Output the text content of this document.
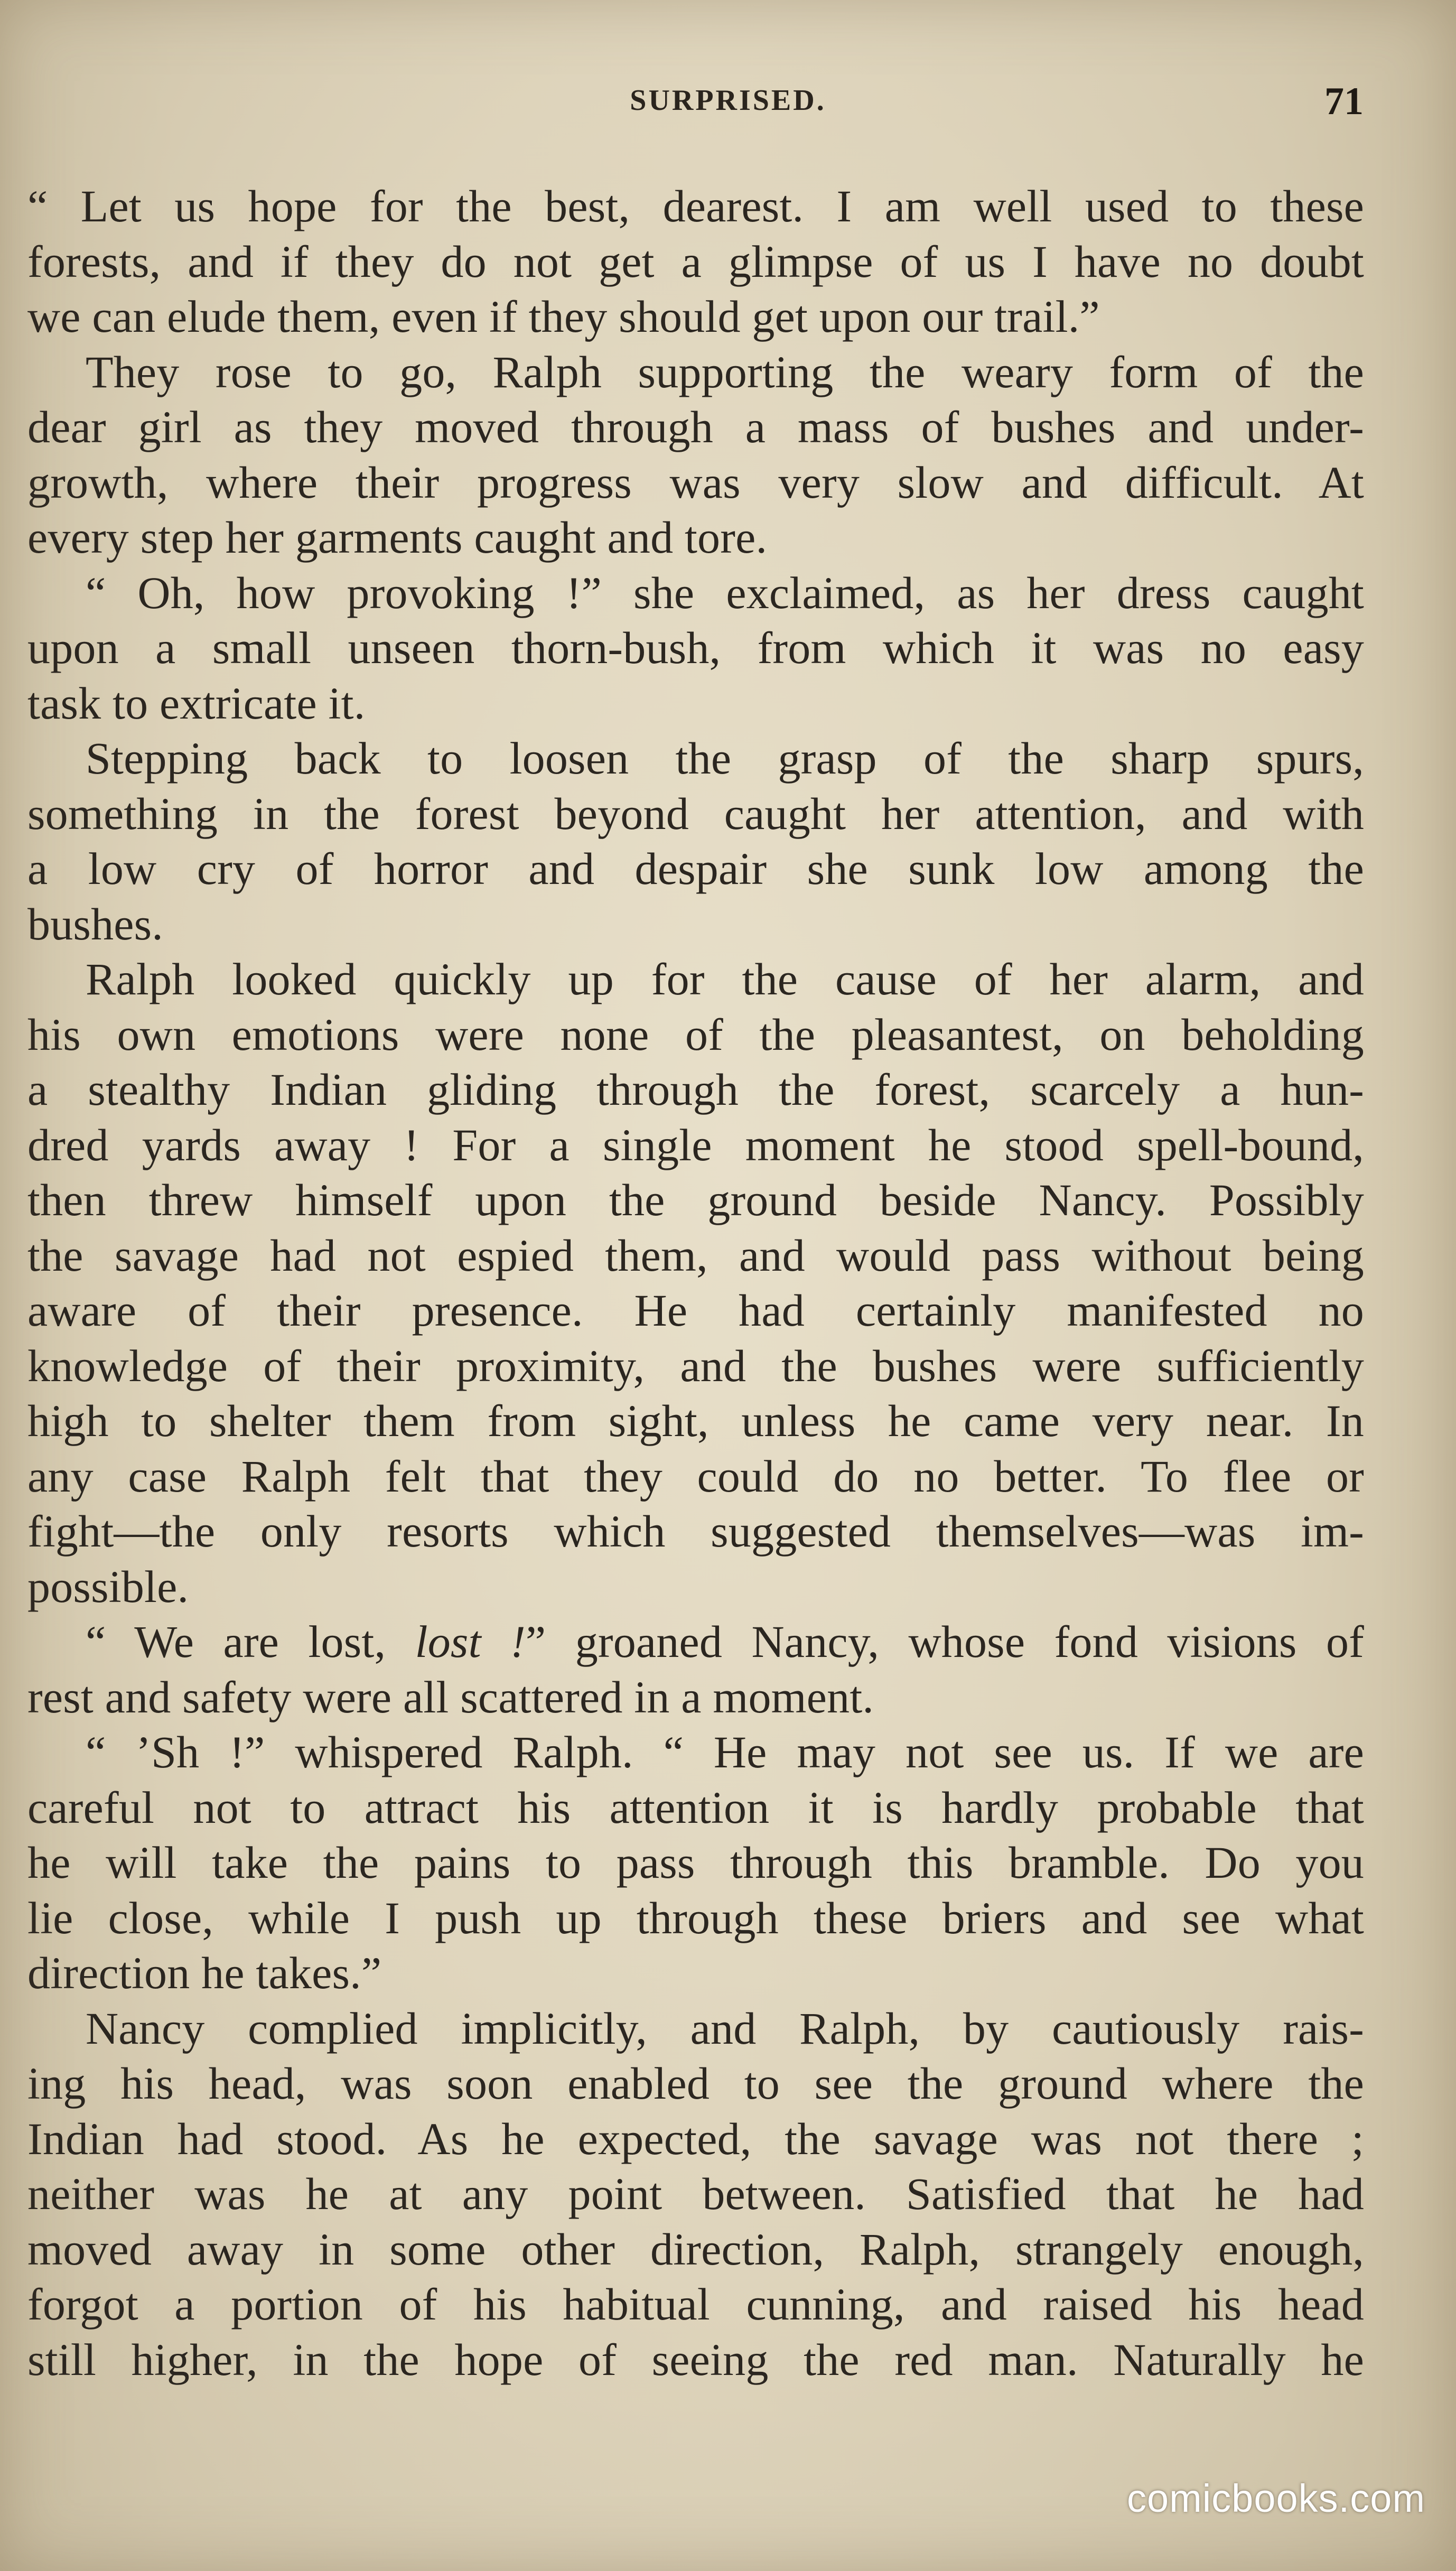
SURPRISED.	71
“ Let us hope for the best, dearest. I am well used to these
forests, and if they do not get a glimpse of us I have no doubt
we can elude them, even if they should get upon our trail.”
They rose to go, Ralph supporting the weary form of the
dear girl as they moved through a mass of bushes and under-
growth, where their progress was very slow and difficult. At
every step her garments caught and tore.
“ Oh, how provoking !” she exclaimed, as her dress caught
upon a small unseen thorn-bush, from which it was no easy
task to extricate it.
Stepping back to loosen the grasp of the sharp spurs,
something in the forest beyond caught her attention, and with
a low cry of horror and despair she sunk low among the
bushes.
Ralph looked quickly up for the cause of her alarm, and
his own emotions were none of the pleasantest, on beholding
a stealthy Indian gliding through the forest, scarcely a hun-
dred yards away ! For a single moment he stood spell-bound,
then threw himself upon the ground beside Nancy. Possibly
the savage had not espied them, and would pass without being
aware of their presence. He had certainly manifested no
knowledge of their proximity, and the bushes were sufficiently
high to shelter them from sight, unless he came very near. In
any case Ralph felt that they could do no better. To flee or
fight—the only resorts which suggested themselves—was im-
possible.
“ We are lost, lost !” groaned Nancy, whose fond visions of
rest and safety were all scattered in a moment.
“ ’Sh !” whispered Ralph. “ He may not see us. If we are
careful not to attract his attention it is hardly probable that
he will take the pains to pass through this bramble. Do you
lie close, while I push up through these briers and see what
direction he takes.”
Nancy complied implicitly, and Ralph, by cautiously rais-
ing his head, was soon enabled to see the ground where the
Indian had stood. As he expected, the savage was not there ;
neither was he at any point between. Satisfied that he had
moved away in some other direction, Ralph, strangely enough,
forgot a portion of his habitual cunning, and raised his head
still higher, in the hope of seeing the red man. Naturally he
comicbooks.com
